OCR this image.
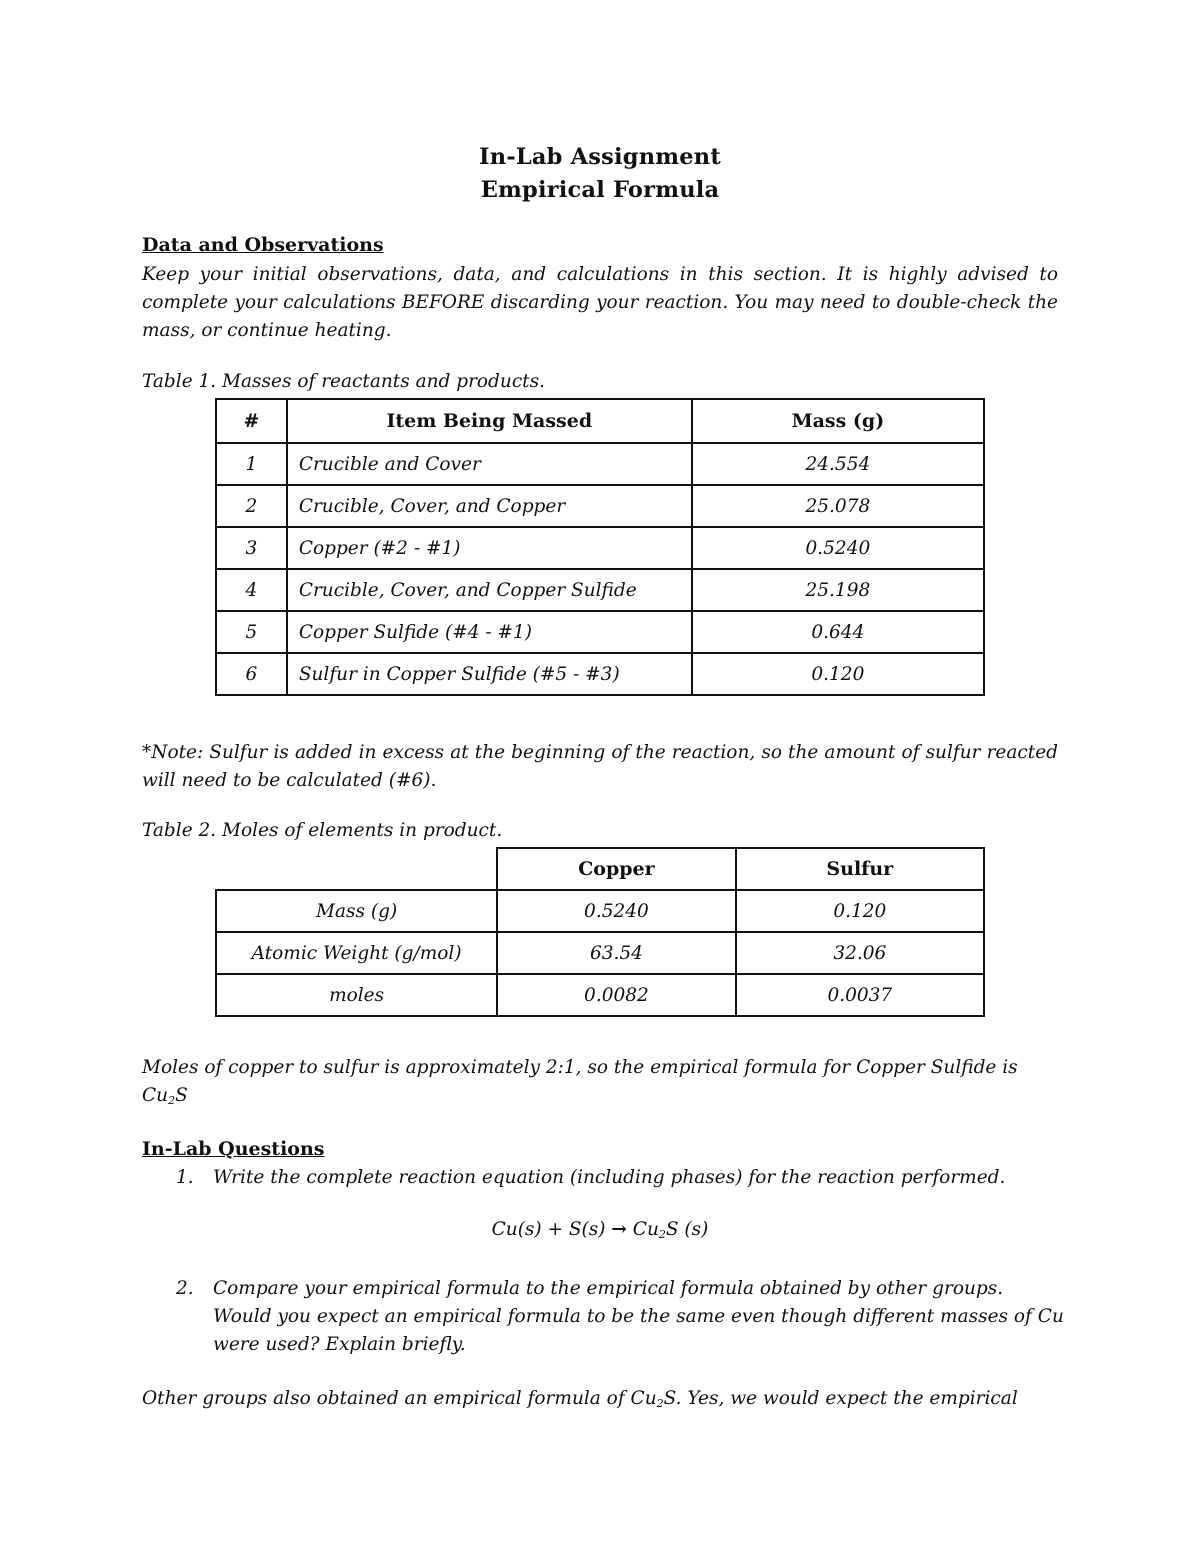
In-Lab Assignment
Empirical Formula
Data and Observations
Keep your initial observations, data, and calculations in this section. It is highly advised to complete your calculations BEFORE discarding your reaction. You may need to double-check the mass, or continue heating.
Table 1. Masses of reactants and products.
#	Item Being Massed	Mass (g)
1	Crucible and Cover	24.554
2	Crucible, Cover, and Copper	25.078
3	Copper (#2 - #1)	0.5240
4	Crucible, Cover, and Copper Sulfide	25.198
5	Copper Sulfide (#4 - #1)	0.644
6	Sulfur in Copper Sulfide (#5 - #3)	0.120
*Note: Sulfur is added in excess at the beginning of the reaction, so the amount of sulfur reacted will need to be calculated (#6).
Table 2. Moles of elements in product.
	Copper	Sulfur
Mass (g)	0.5240	0.120
Atomic Weight (g/mol)	63.54	32.06
moles	0.0082	0.0037
Moles of copper to sulfur is approximately 2:1, so the empirical formula for Copper Sulfide is $Cu_2S$
In-Lab Questions
1. Write the complete reaction equation (including phases) for the reaction performed.
$Cu(s) + S(s) \to Cu_2S$ (s)
2. Compare your empirical formula to the empirical formula obtained by other groups. Would you expect an empirical formula to be the same even though different masses of Cu were used? Explain briefly.
Other groups also obtained an empirical formula of $Cu_2S$. Yes, we would expect the empirical
